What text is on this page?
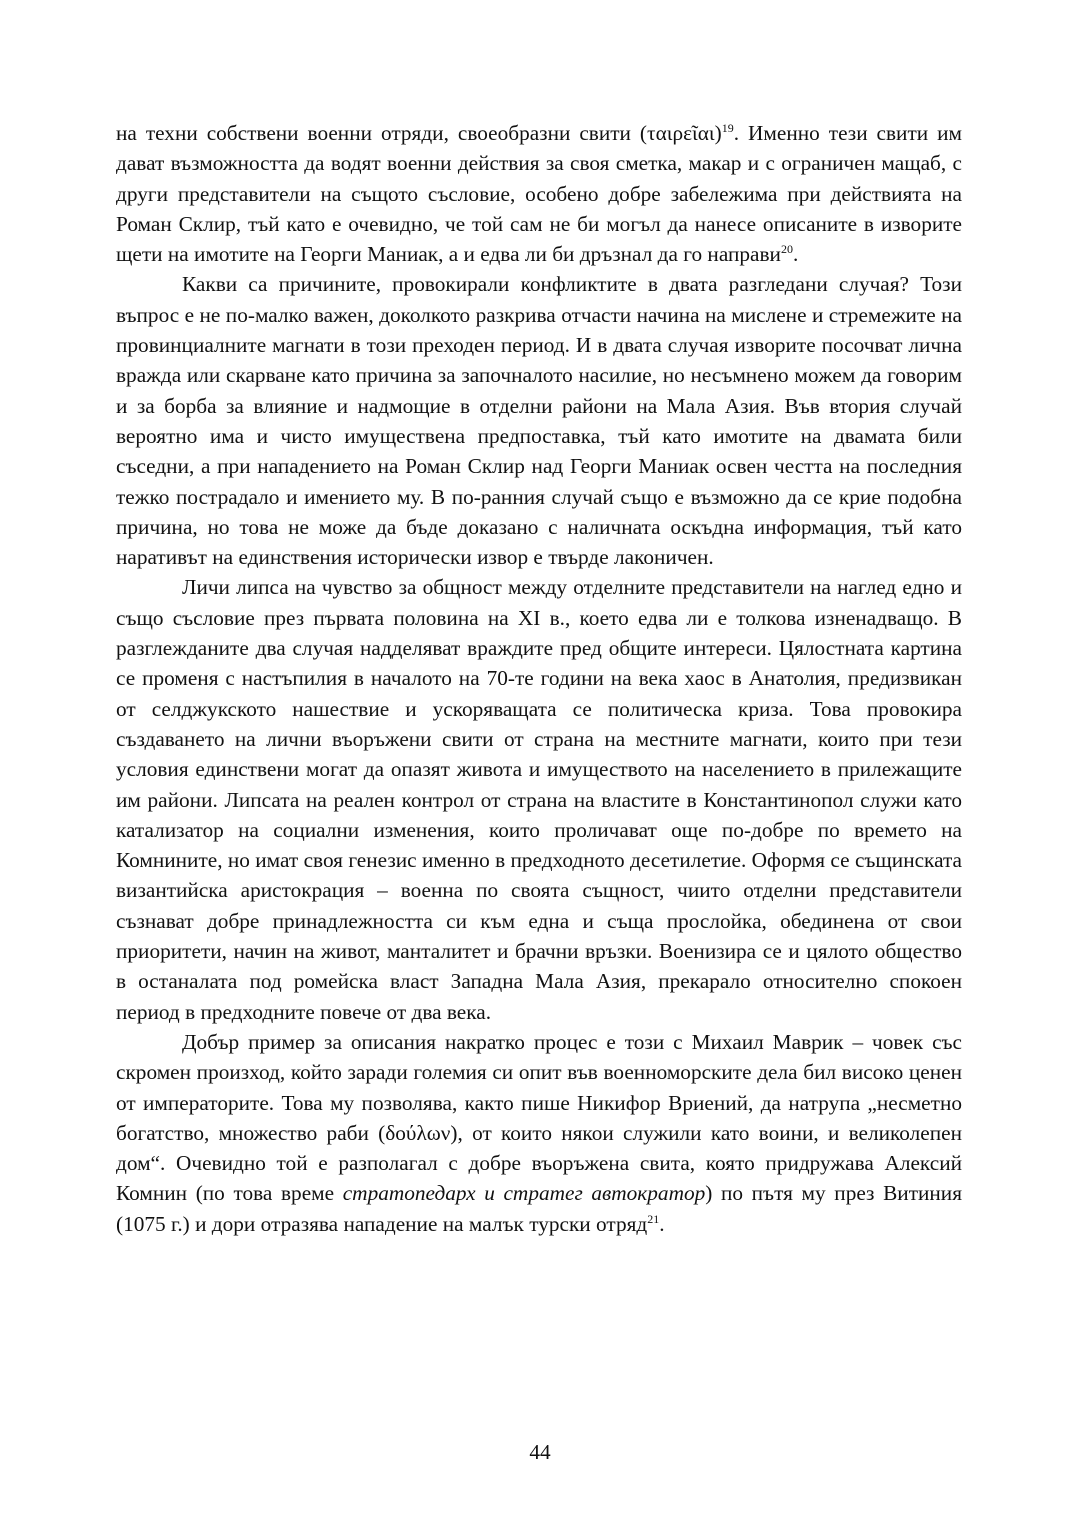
на техни собствени военни отряди, своеобразни свити (ταιρεῖαι)$^{19}$. Именно тези свити им дават възможността да водят военни действия за своя сметка, макар и с ограничен мащаб, с други представители на същото съсловие, особено добре забележима при действията на Роман Склир, тъй като е очевидно, че той сам не би могъл да нанесе описаните в изворите щети на имотите на Георги Маниак, а и едва ли би дръзнал да го направи$^{20}$.

Какви са причините, провокирали конфликтите в двата разгледани случая? Този въпрос е не по-малко важен, доколкото разкрива отчасти начина на мислене и стремежите на провинциалните магнати в този преходен период. И в двата случая изворите посочват лична вражда или скарване като причина за започналото насилие, но несъмнено можем да говорим и за борба за влияние и надмощие в отделни райони на Мала Азия. Във втория случай вероятно има и чисто имуществена предпоставка, тъй като имотите на двамата били съседни, а при нападението на Роман Склир над Георги Маниак освен честта на последния тежко пострадало и имението му. В по-ранния случай също е възможно да се крие подобна причина, но това не може да бъде доказано с наличната оскъдна информация, тъй като наративът на единствения исторически извор е твърде лаконичен.

Личи липса на чувство за общност между отделните представители на наглед едно и също съсловие през първата половина на XI в., което едва ли е толкова изненадващо. В разглежданите два случая надделяват враждите пред общите интереси. Цялостната картина се променя с настъпилия в началото на 70-те години на века хаос в Анатолия, предизвикан от селджукското нашествие и ускоряващата се политическа криза. Това провокира създаването на лични въоръжени свити от страна на местните магнати, които при тези условия единствени могат да опазят живота и имуществото на населението в прилежащите им райони. Липсата на реален контрол от страна на властите в Константинопол служи като катализатор на социални изменения, които проличават още по-добре по времето на Комнините, но имат своя генезис именно в предходното десетилетие. Оформя се същинската византийска аристокрация – военна по своята същност, чиито отделни представители съзнават добре принадлежността си към една и съща прослойка, обединена от свои приоритети, начин на живот, манталитет и брачни връзки. Военизира се и цялото общество в останалата под ромейска власт Западна Мала Азия, прекарало относително спокоен период в предходните повече от два века.

Добър пример за описания накратко процес е този с Михаил Маврик – човек със скромен произход, който заради големия си опит във военноморските дела бил високо ценен от императорите. Това му позволява, както пише Никифор Вриений, да натрупа „несметно богатство, множество раби (δούλων), от които някои служили като воини, и великолепен дом“. Очевидно той е разполагал с добре въоръжена свита, която придружава Алексий Комнин (по това време стратопедарх и стратег автократор) по пътя му през Витиния (1075 г.) и дори отразява нападение на малък турски отряд$^{21}$.

44
